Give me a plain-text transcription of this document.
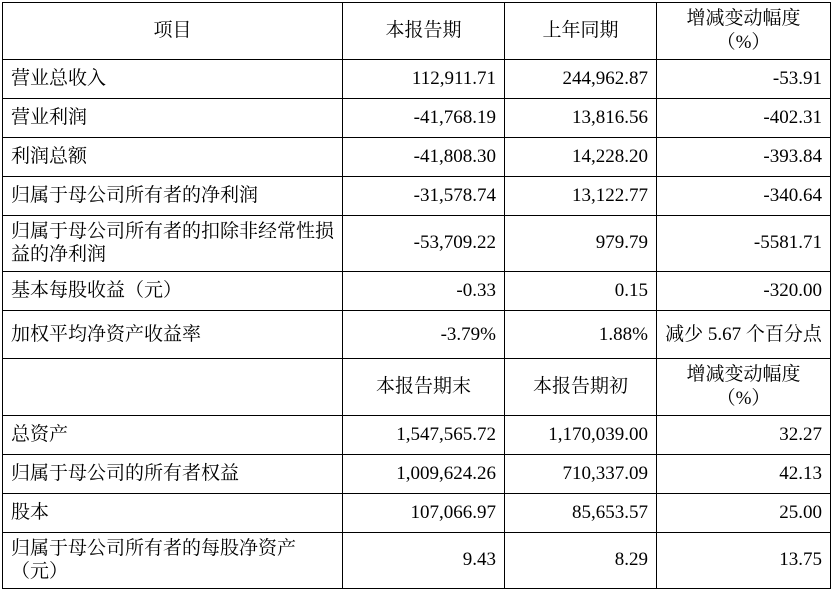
项目	本报告期	上年同期	增减变动幅度（%）
营业总收入	112,911.71	244,962.87	-53.91
营业利润	-41,768.19	13,816.56	-402.31
利润总额	-41,808.30	14,228.20	-393.84
归属于母公司所有者的净利润	-31,578.74	13,122.77	-340.64
归属于母公司所有者的扣除非经常性损益的净利润	-53,709.22	979.79	-5581.71
基本每股收益（元）	-0.33	0.15	-320.00
加权平均净资产收益率	-3.79%	1.88%	减少 5.67 个百分点
	本报告期末	本报告期初	增减变动幅度（%）
总资产	1,547,565.72	1,170,039.00	32.27
归属于母公司的所有者权益	1,009,624.26	710,337.09	42.13
股本	107,066.97	85,653.57	25.00
归属于母公司所有者的每股净资产（元）	9.43	8.29	13.75
